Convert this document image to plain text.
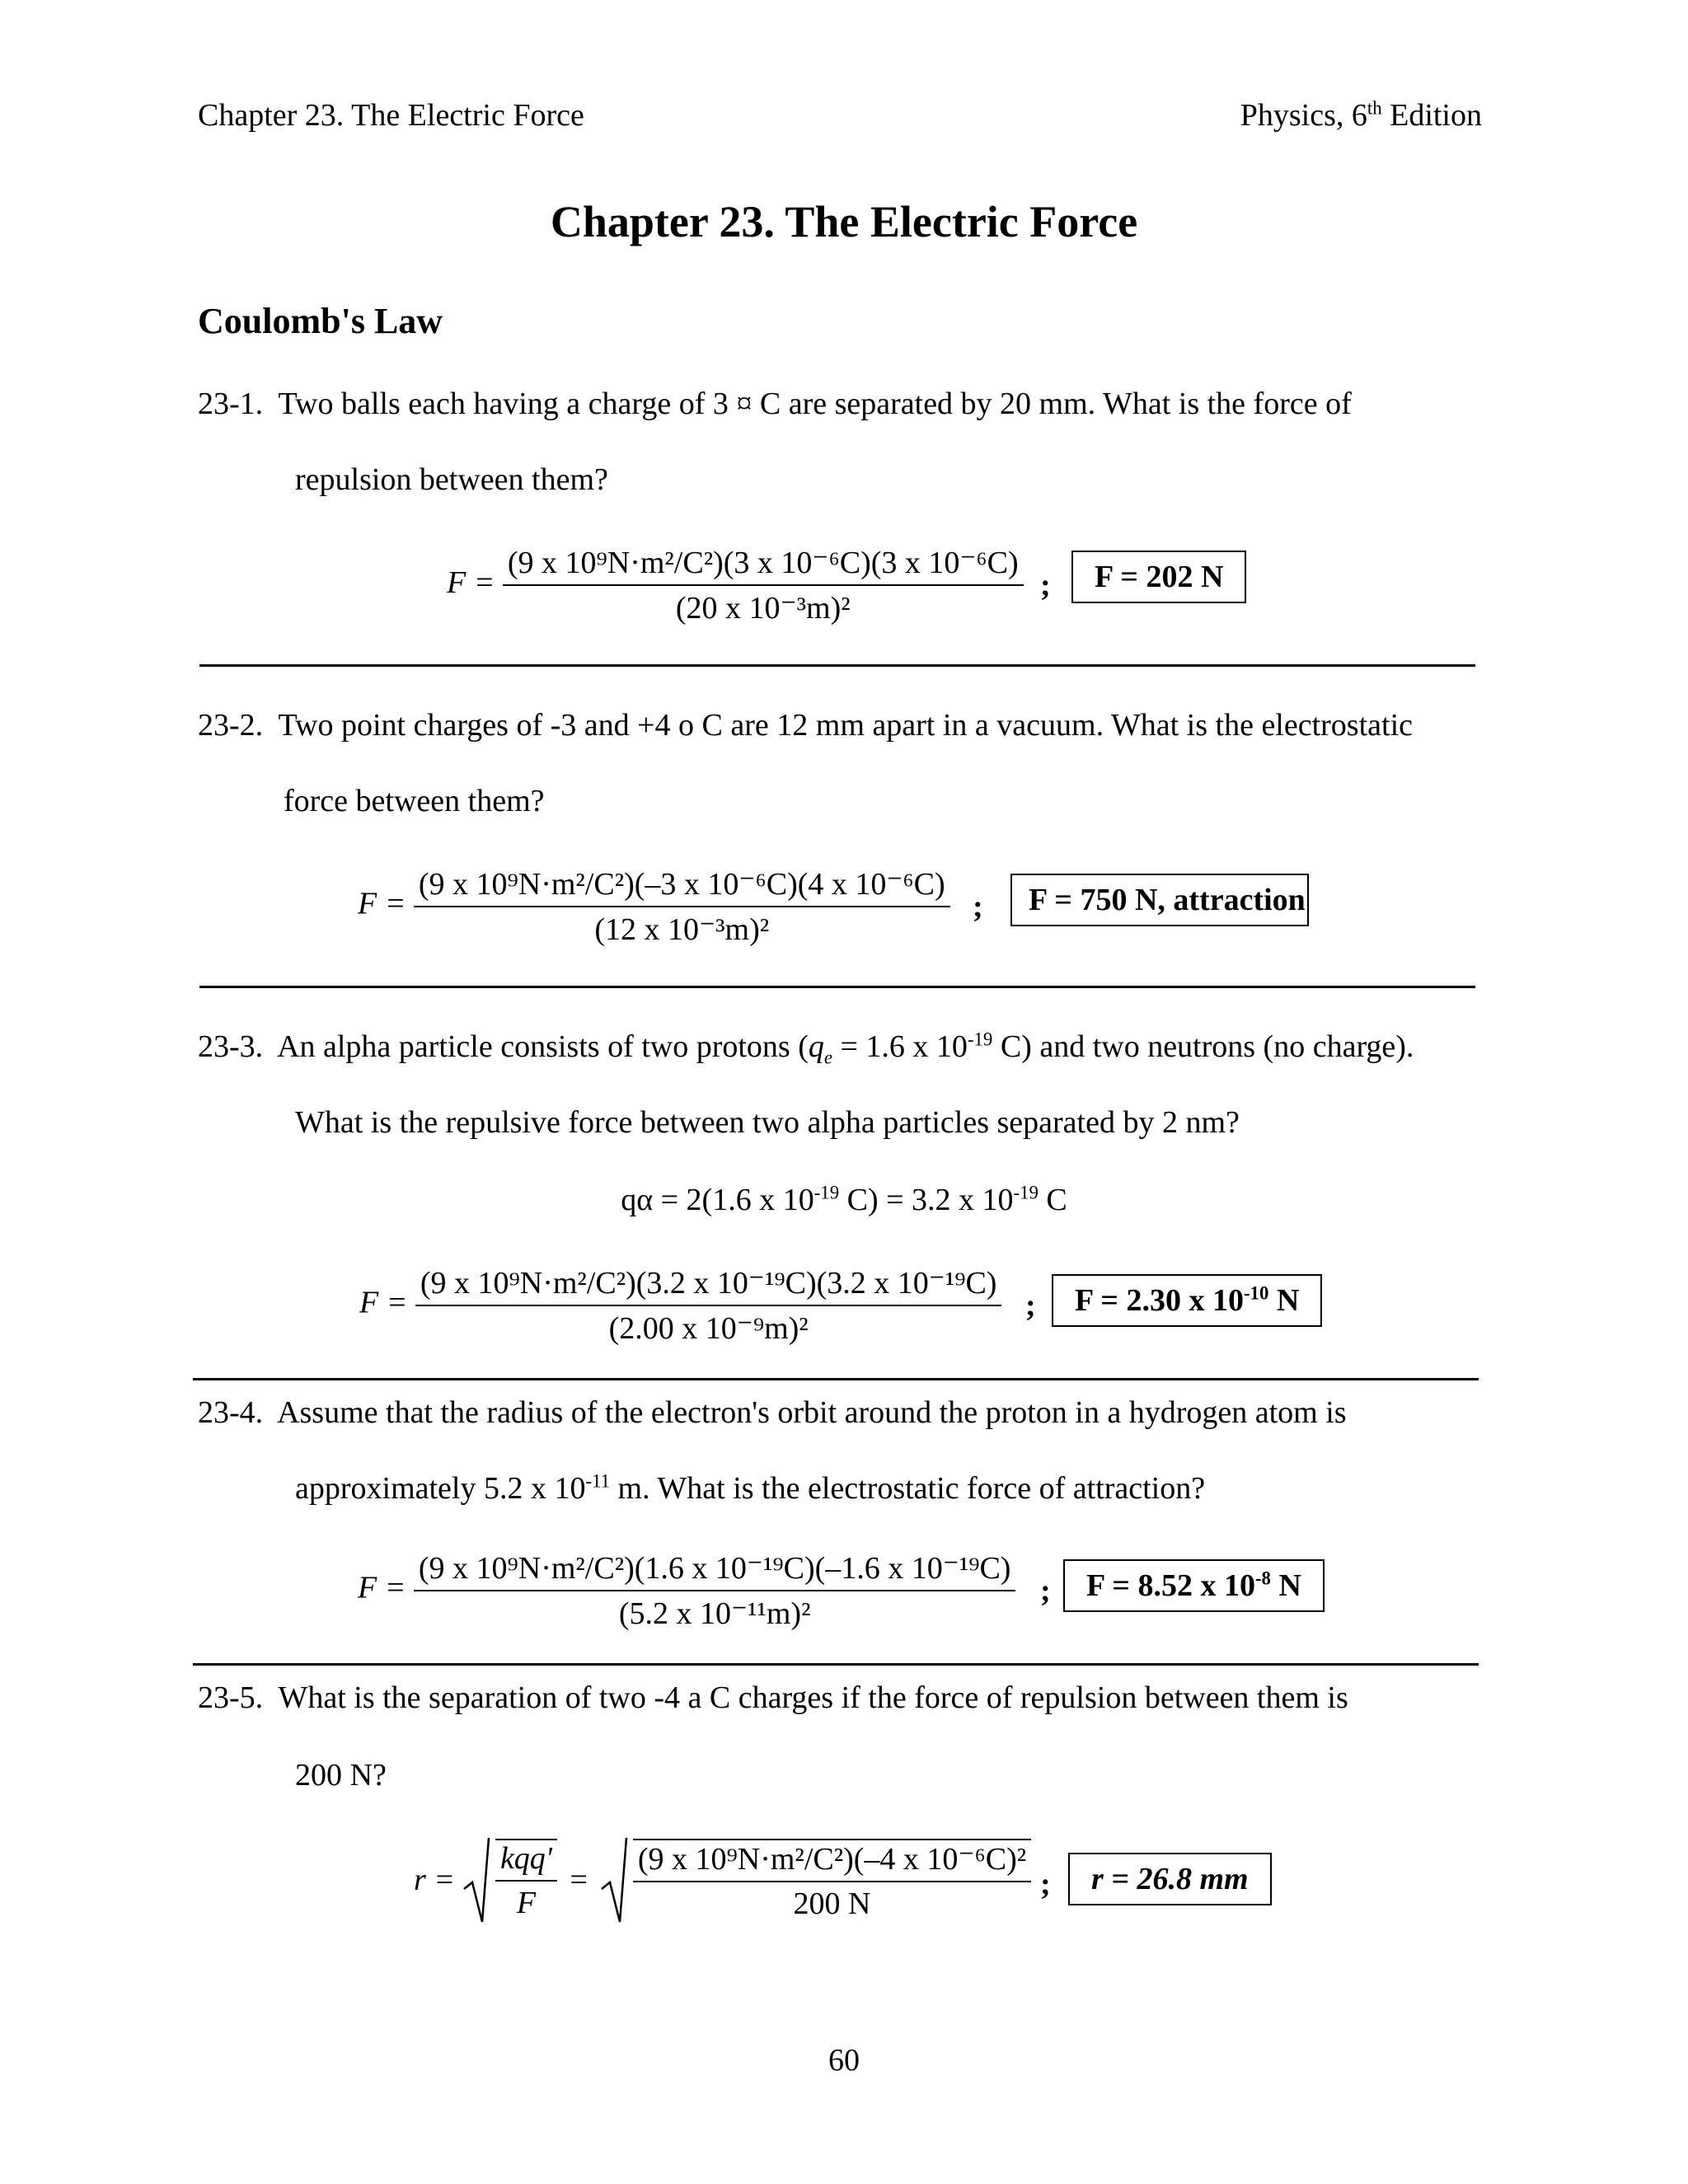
Chapter 23. The Electric Force	Physics, 6th Edition
Chapter 23. The Electric Force
Coulomb's Law
23-1. Two balls each having a charge of 3 ¤ C are separated by 20 mm. What is the force of
repulsion between them?
$F = \frac{\text{(9 x 10⁹N·m²/C²)(3 x 10⁻⁶C)(3 x 10⁻⁶C)}}{\text{(20 x 10⁻³m)²}}$ ;	F = 202 N
23-2. Two point charges of -3 and +4 o C are 12 mm apart in a vacuum. What is the electrostatic
force between them?
$F = \frac{\text{(9 x 10⁹N·m²/C²)(–3 x 10⁻⁶C)(4 x 10⁻⁶C)}}{\text{(12 x 10⁻³m)²}}$ ;	F = 750 N, attraction
23-3. An alpha particle consists of two protons ($q_e = 1.6$ x $10^{-19}$ C) and two neutrons (no charge).
What is the repulsive force between two alpha particles separated by 2 nm?
qα = 2(1.6 x $10^{-19}$ C) = 3.2 x $10^{-19}$ C
$F = \frac{\text{(9 x 10⁹N·m²/C²)(3.2 x 10⁻¹⁹C)(3.2 x 10⁻¹⁹C)}}{\text{(2.00 x 10⁻⁹m)²}}$ ;	F = 2.30 x $10^{-10}$ N
23-4. Assume that the radius of the electron's orbit around the proton in a hydrogen atom is
approximately 5.2 x $10^{-11}$ m. What is the electrostatic force of attraction?
$F = \frac{\text{(9 x 10⁹N·m²/C²)(1.6 x 10⁻¹⁹C)(–1.6 x 10⁻¹⁹C)}}{\text{(5.2 x 10⁻¹¹m)²}}$ ;	F = 8.52 x $10^{-8}$ N
23-5. What is the separation of two -4 a C charges if the force of repulsion between them is
200 N?
$r = \frac{\text{kqq'}}{F} = \frac{\text{(9 x 10⁹N·m²/C²)(–4 x 10⁻⁶C)²}}{200 N}$ ;	r = 26.8 mm
60
